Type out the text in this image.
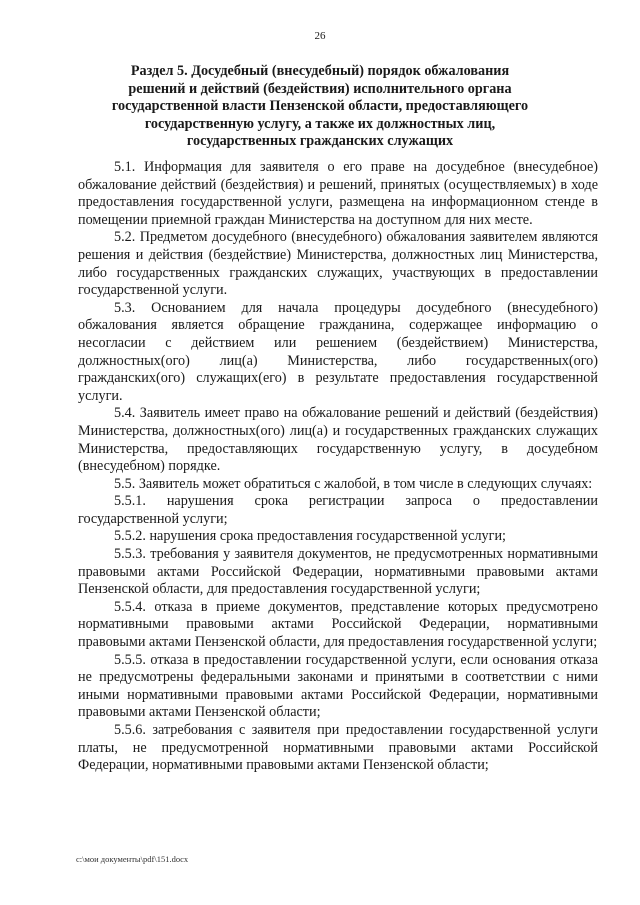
26
Раздел 5. Досудебный (внесудебный) порядок обжалования
решений и действий (бездействия) исполнительного органа
государственной власти Пензенской области, предоставляющего
государственную услугу, а также их должностных лиц,
государственных гражданских служащих

5.1. Информация для заявителя о его праве на досудебное (внесудебное) обжалование действий (бездействия) и решений, принятых (осуществляемых) в ходе предоставления государственной услуги, размещена на информационном стенде в помещении приемной граждан Министерства на доступном для них месте.

5.2. Предметом досудебного (внесудебного) обжалования заявителем являются решения и действия (бездействие) Министерства, должностных лиц Министерства, либо государственных гражданских служащих, участвующих в предоставлении государственной услуги.

5.3. Основанием для начала процедуры досудебного (внесудебного) обжалования является обращение гражданина, содержащее информацию о несогласии с действием или решением (бездействием) Министерства, должностных(ого) лиц(а) Министерства, либо государственных(ого) гражданских(ого) служащих(его) в результате предоставления государственной услуги.

5.4. Заявитель имеет право на обжалование решений и действий (бездействия) Министерства, должностных(ого) лиц(а) и государственных гражданских служащих Министерства, предоставляющих государственную услугу, в досудебном (внесудебном) порядке.

5.5. Заявитель может обратиться с жалобой, в том числе в следующих случаях:

5.5.1. нарушения срока регистрации запроса о предоставлении государственной услуги;

5.5.2. нарушения срока предоставления государственной услуги;

5.5.3. требования у заявителя документов, не предусмотренных нормативными правовыми актами Российской Федерации, нормативными правовыми актами Пензенской области, для предоставления государственной услуги;

5.5.4. отказа в приеме документов, представление которых предусмотрено нормативными правовыми актами Российской Федерации, нормативными правовыми актами Пензенской области, для предоставления государственной услуги;

5.5.5. отказа в предоставлении государственной услуги, если основания отказа не предусмотрены федеральными законами и принятыми в соответствии с ними иными нормативными правовыми актами Российской Федерации, нормативными правовыми актами Пензенской области;

5.5.6. затребования с заявителя при предоставлении государственной услуги платы, не предусмотренной нормативными правовыми актами Российской Федерации, нормативными правовыми актами Пензенской области;

c:\мои документы\pdf\151.docx
